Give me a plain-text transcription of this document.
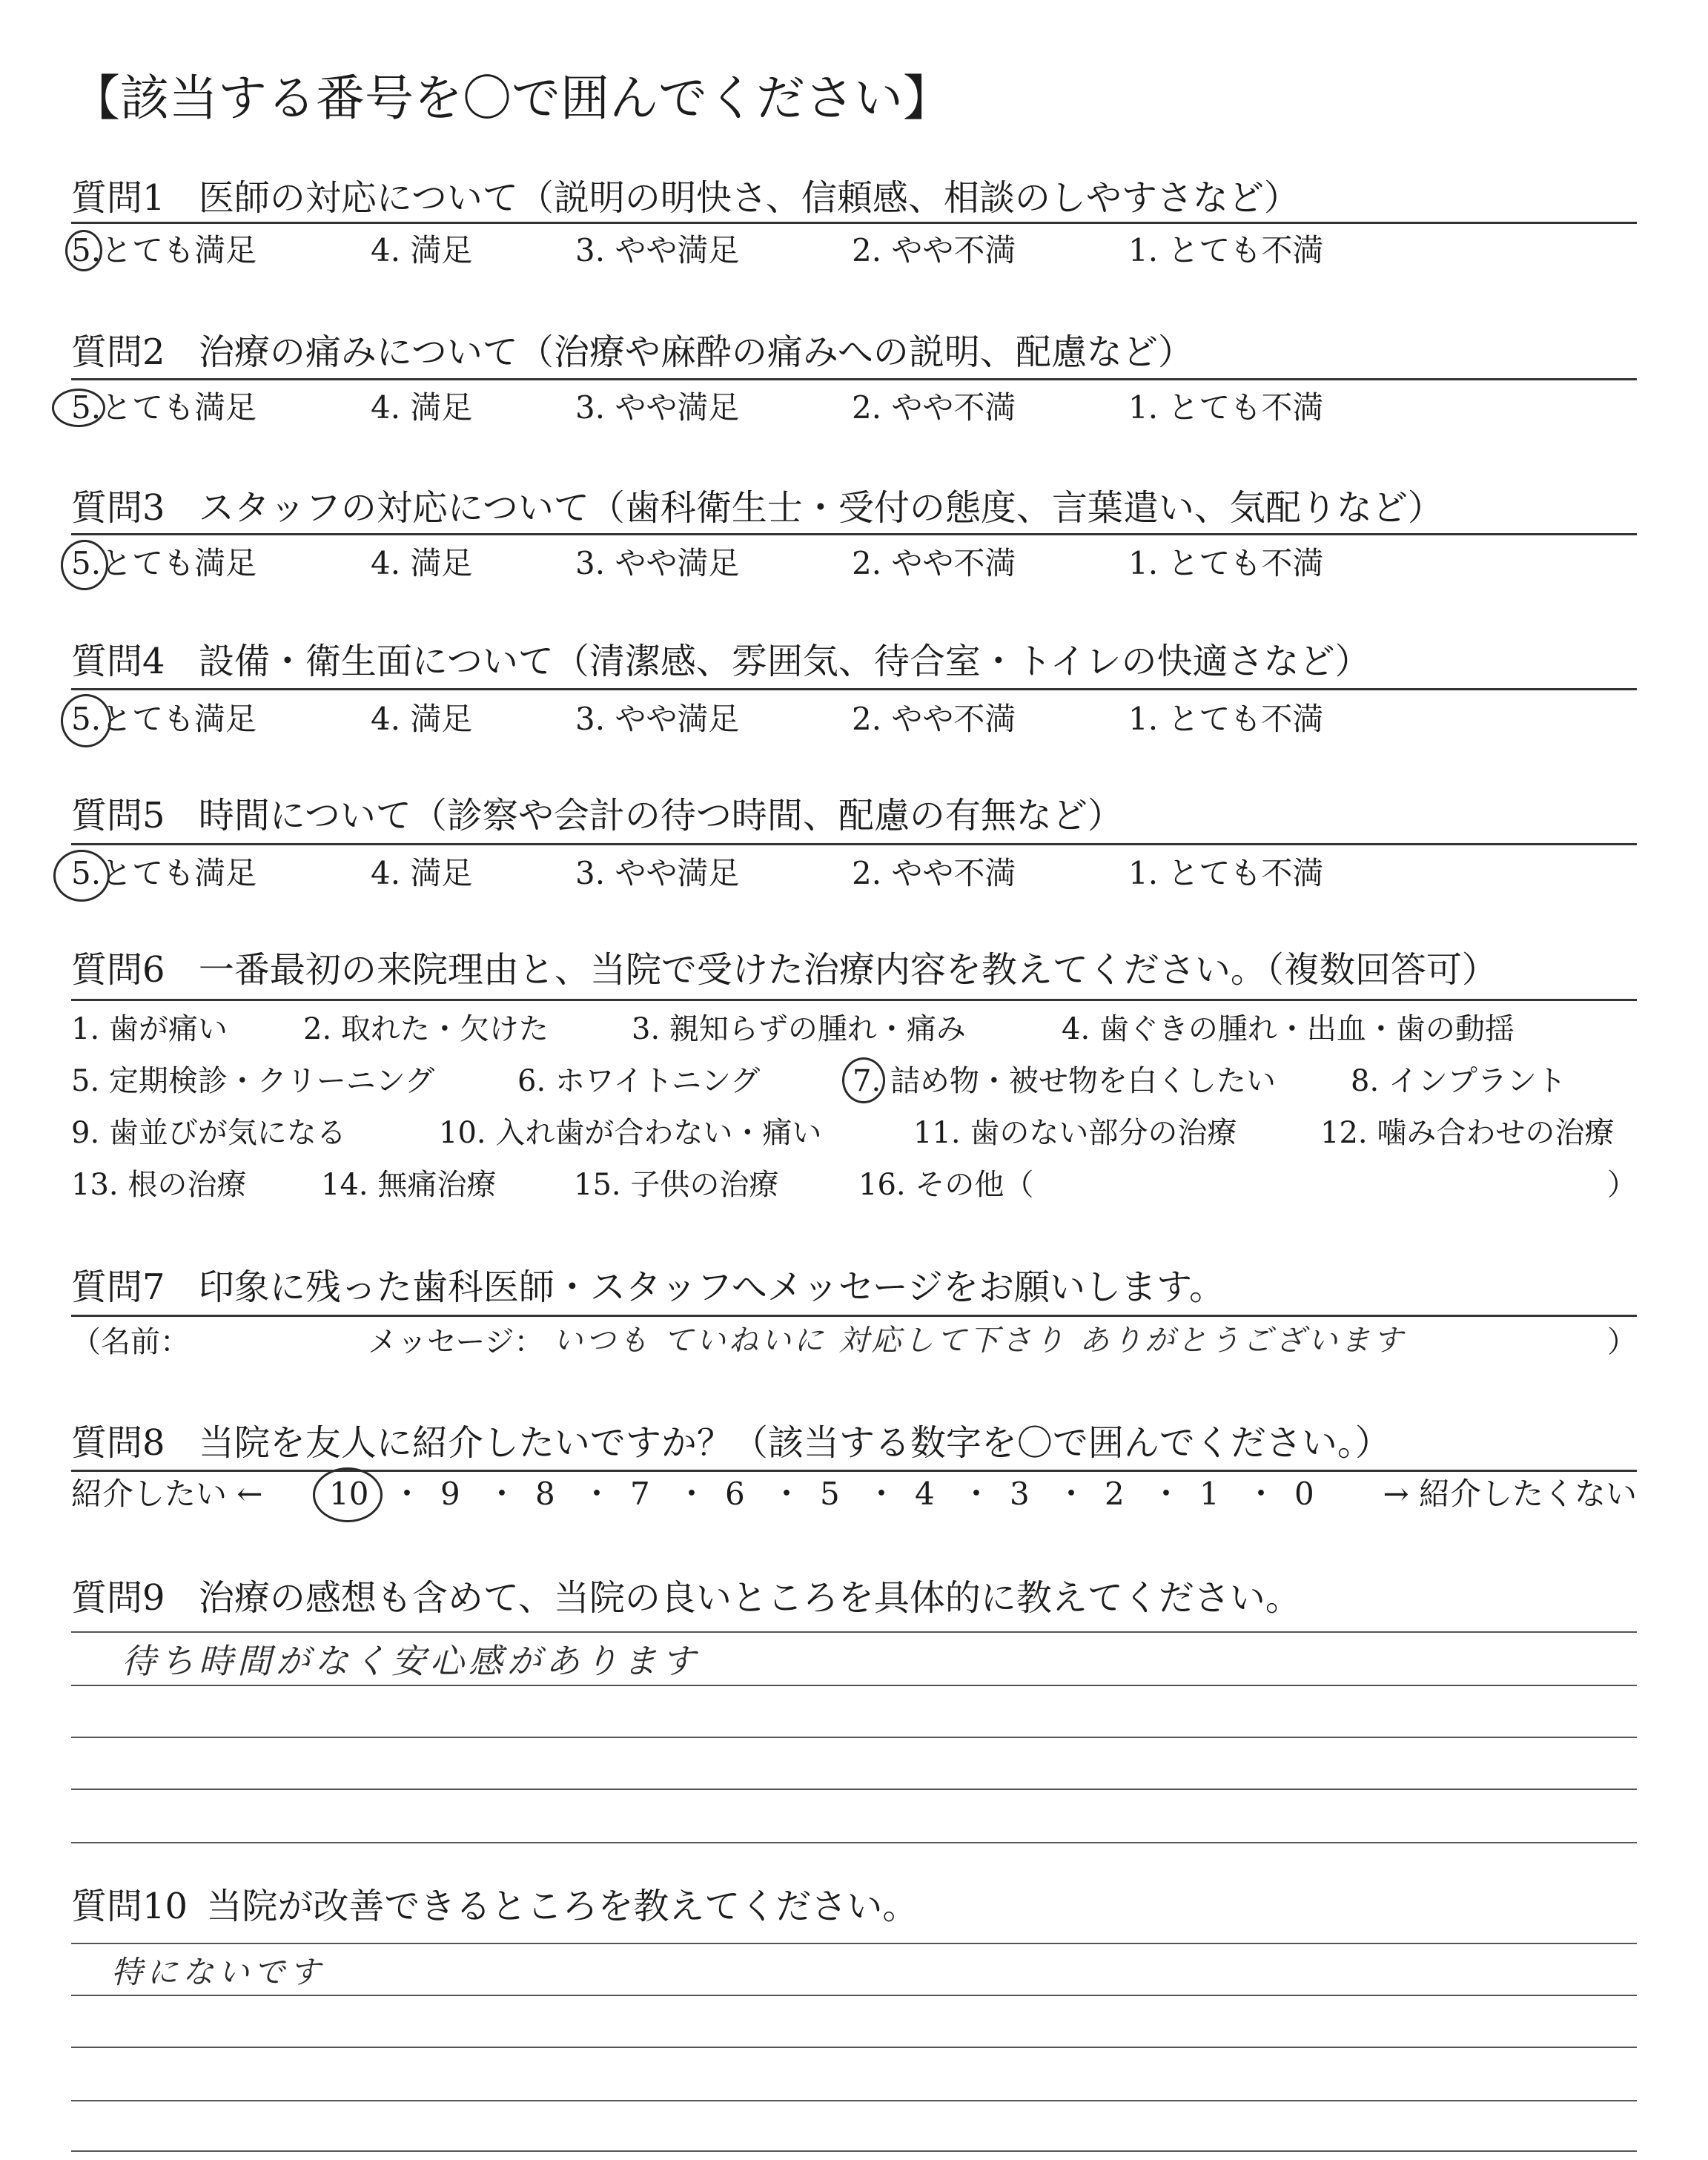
【該当する番号を〇で囲んでください】
質問1 医師の対応について（説明の明快さ、信頼感、相談のしやすさなど）
5.とても満足	4. 満足	3. やや満足	2. やや不満	1. とても不満
質問2 治療の痛みについて（治療や麻酔の痛みへの説明、配慮など）
5.とても満足	4. 満足	3. やや満足	2. やや不満	1. とても不満
質問3 スタッフの対応について（歯科衛生士・受付の態度、言葉遣い、気配りなど）
5.とても満足	4. 満足	3. やや満足	2. やや不満	1. とても不満
質問4 設備・衛生面について（清潔感、雰囲気、待合室・トイレの快適さなど）
5.とても満足	4. 満足	3. やや満足	2. やや不満	1. とても不満
質問5 時間について（診察や会計の待つ時間、配慮の有無など）
5.とても満足	4. 満足	3. やや満足	2. やや不満	1. とても不満
質問6 一番最初の来院理由と、当院で受けた治療内容を教えてください。（複数回答可）
1. 歯が痛い	2. 取れた・欠けた	3. 親知らずの腫れ・痛み	4. 歯ぐきの腫れ・出血・歯の動揺
5. 定期検診・クリーニング	6. ホワイトニング	7. 詰め物・被せ物を白くしたい	8. インプラント
9. 歯並びが気になる	10. 入れ歯が合わない・痛い	11. 歯のない部分の治療	12. 噛み合わせの治療
13. 根の治療	14. 無痛治療	15. 子供の治療	16. その他（	）
質問7 印象に残った歯科医師・スタッフへメッセージをお願いします。
（名前：	メッセージ： いつも ていねいに 対応して下さり ありがとうございます	）
質問8 当院を友人に紹介したいですか？（該当する数字を〇で囲んでください。）
紹介したい ← 10 ・ 9 ・ 8 ・ 7 ・ 6 ・ 5 ・ 4 ・ 3 ・ 2 ・ 1 ・ 0 → 紹介したくない
質問9 治療の感想も含めて、当院の良いところを具体的に教えてください。
待ち時間がなく安心感があります
質問10 当院が改善できるところを教えてください。
特にないです
